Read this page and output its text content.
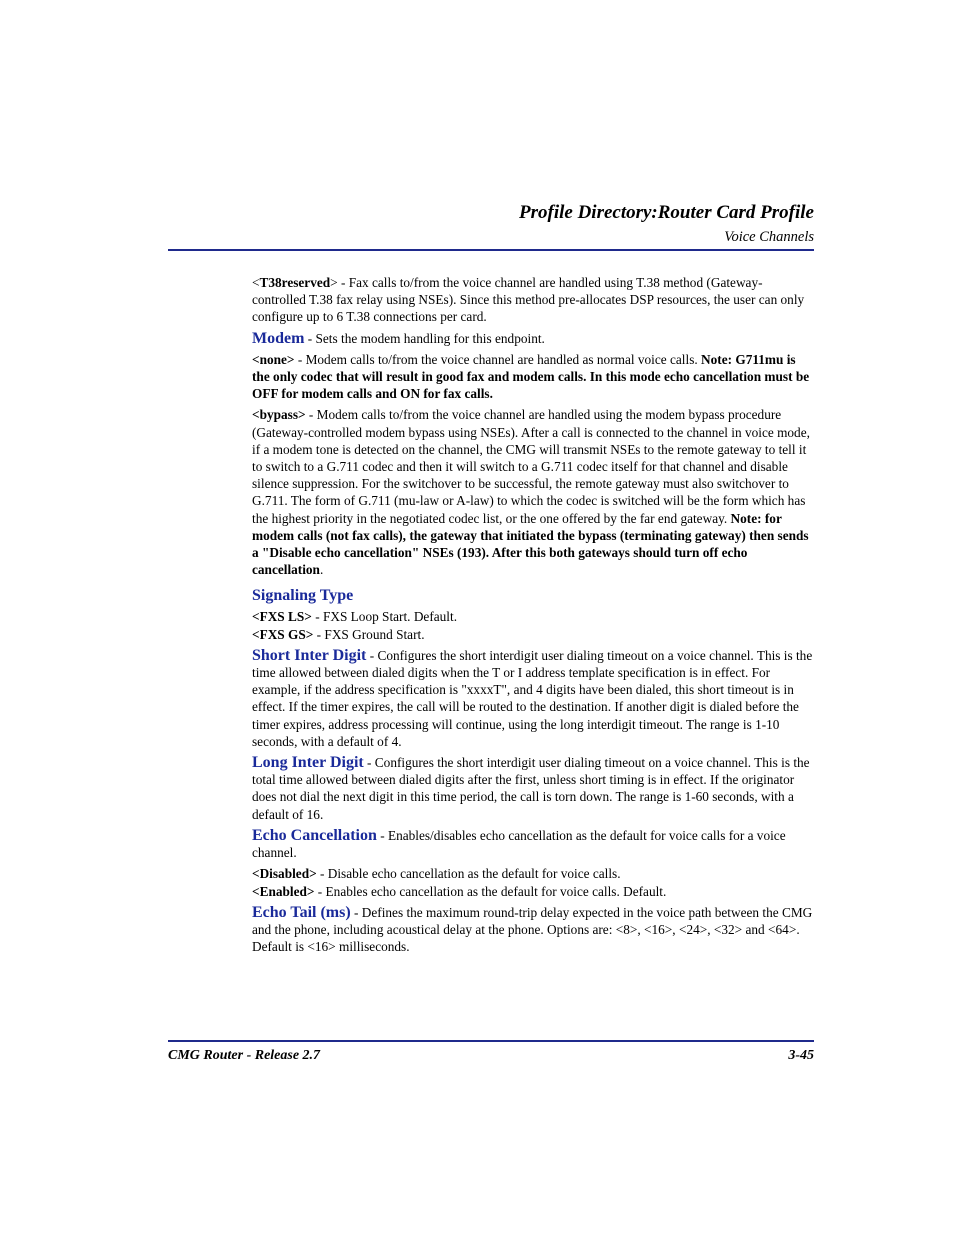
Profile Directory:Router Card Profile
Voice Channels

<T38reserved> - Fax calls to/from the voice channel are handled using T.38 method (Gateway-controlled T.38 fax relay using NSEs). Since this method pre-allocates DSP resources, the user can only configure up to 6 T.38 connections per card.

Modem - Sets the modem handling for this endpoint.

<none> - Modem calls to/from the voice channel are handled as normal voice calls. Note: G711mu is the only codec that will result in good fax and modem calls. In this mode echo cancellation must be OFF for modem calls and ON for fax calls.

<bypass> - Modem calls to/from the voice channel are handled using the modem bypass procedure (Gateway-controlled modem bypass using NSEs). After a call is connected to the channel in voice mode, if a modem tone is detected on the channel, the CMG will transmit NSEs to the remote gateway to tell it to switch to a G.711 codec and then it will switch to a G.711 codec itself for that channel and disable silence suppression. For the switchover to be successful, the remote gateway must also switchover to G.711. The form of G.711 (mu-law or A-law) to which the codec is switched will be the form which has the highest priority in the negotiated codec list, or the one offered by the far end gateway. Note: for modem calls (not fax calls), the gateway that initiated the bypass (terminating gateway) then sends a "Disable echo cancellation" NSEs (193). After this both gateways should turn off echo cancellation.

Signaling Type

<FXS LS> - FXS Loop Start. Default.

<FXS GS> - FXS Ground Start.

Short Inter Digit - Configures the short interdigit user dialing timeout on a voice channel. This is the time allowed between dialed digits when the T or I address template specification is in effect. For example, if the address specification is "xxxxT", and 4 digits have been dialed, this short timeout is in effect. If the timer expires, the call will be routed to the destination. If another digit is dialed before the timer expires, address processing will continue, using the long interdigit timeout. The range is 1-10 seconds, with a default of 4.

Long Inter Digit - Configures the short interdigit user dialing timeout on a voice channel. This is the total time allowed between dialed digits after the first, unless short timing is in effect. If the originator does not dial the next digit in this time period, the call is torn down. The range is 1-60 seconds, with a default of 16.

Echo Cancellation - Enables/disables echo cancellation as the default for voice calls for a voice channel.

<Disabled> - Disable echo cancellation as the default for voice calls.

<Enabled> - Enables echo cancellation as the default for voice calls. Default.

Echo Tail (ms) - Defines the maximum round-trip delay expected in the voice path between the CMG and the phone, including acoustical delay at the phone. Options are: <8>, <16>, <24>, <32> and <64>. Default is <16> milliseconds.

CMG Router - Release 2.7	3-45
